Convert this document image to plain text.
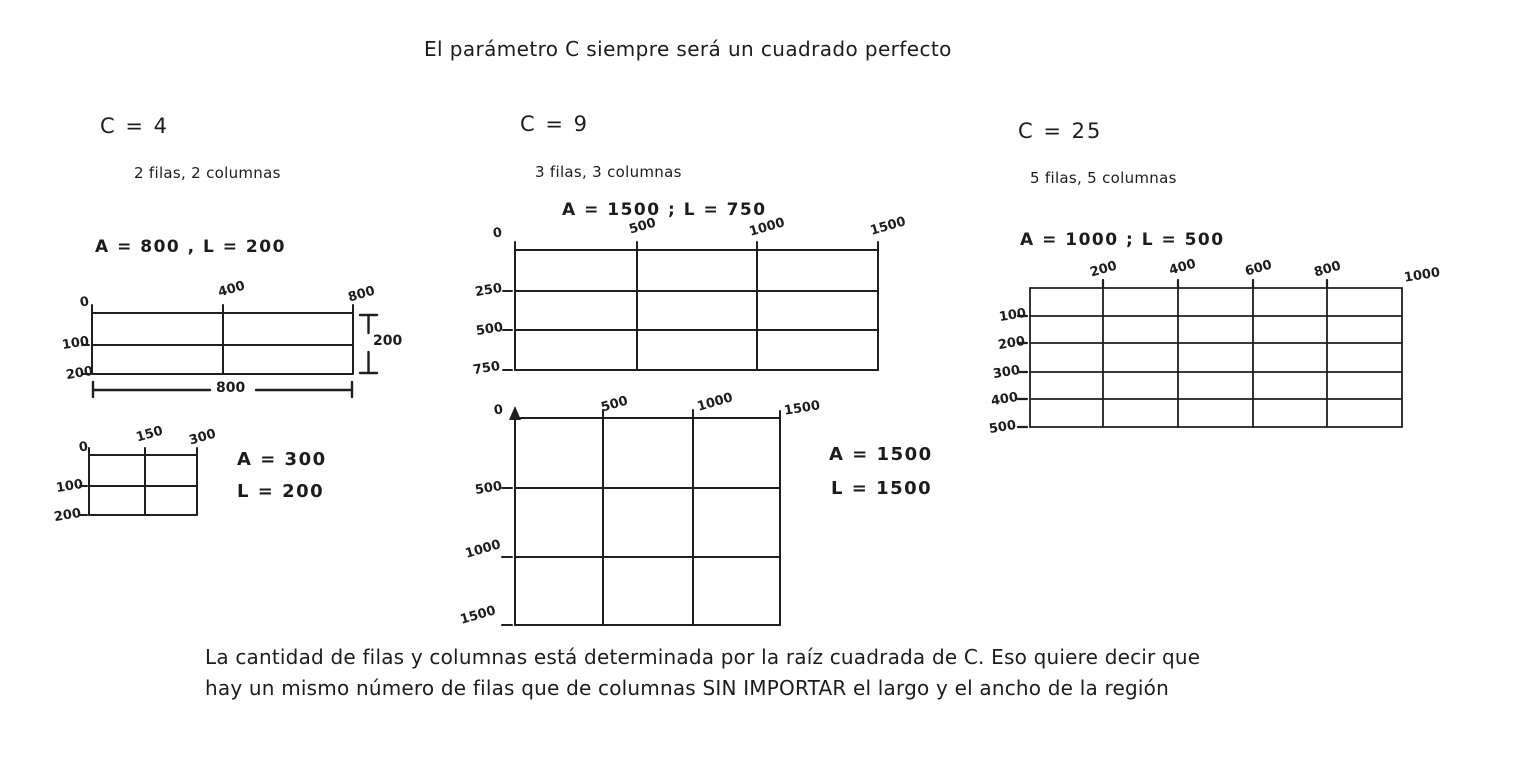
El parámetro C siempre será un cuadrado perfecto
C = 4
2 filas, 2 columnas
A = 800 , L = 200
0
400	800
100
200
200
800
0
150 300
100
200
A = 300
L = 200
C = 9
3 filas, 3 columnas
A = 1500 ; L = 750
0	500	1000	1500
250
500
750
0	500	1000	1500
500
1000
1500
A = 1500
L = 1500
C = 25
5 filas, 5 columnas
A = 1000 ; L = 500
200	400	600	800	1000
100
200
300
400
500
La cantidad de filas y columnas está determinada por la raíz cuadrada de C. Eso quiere decir que
hay un mismo número de filas que de columnas SIN IMPORTAR el largo y el ancho de la región
